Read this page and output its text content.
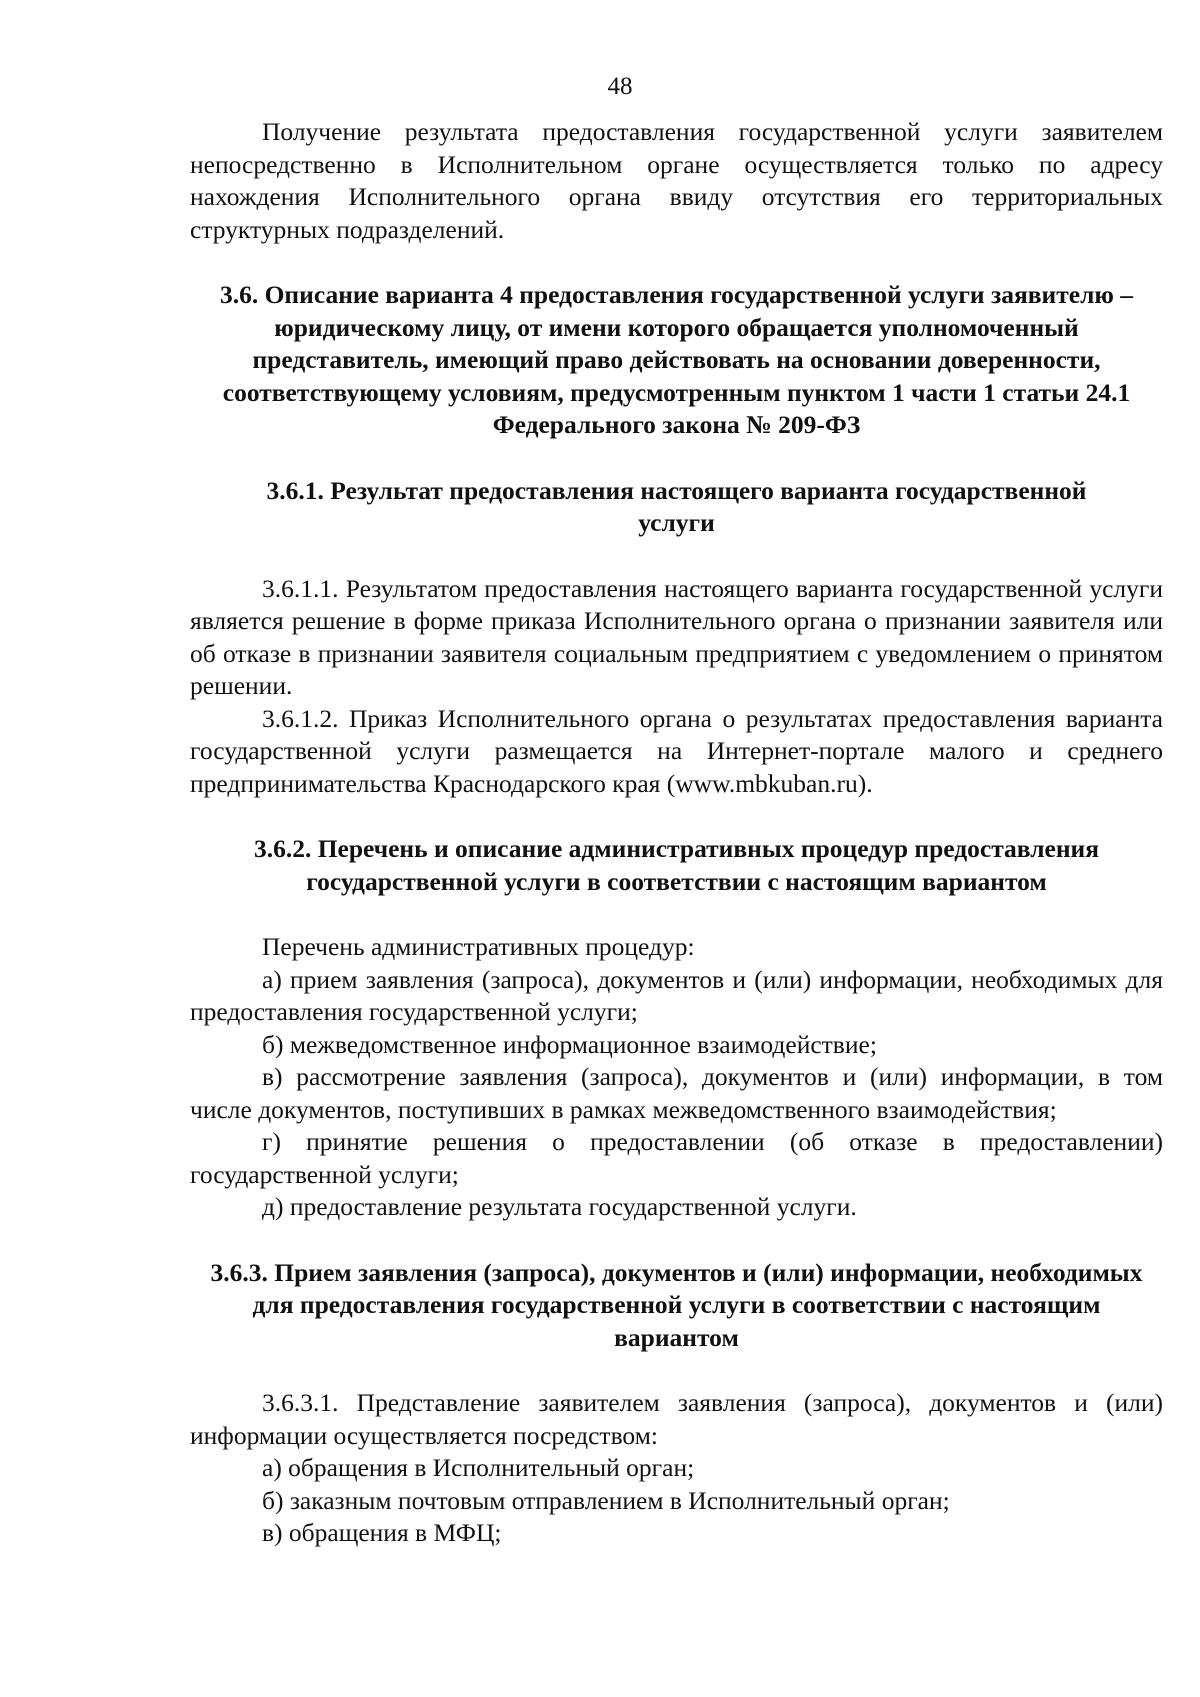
48

Получение результата предоставления государственной услуги заявителем непосредственно в Исполнительном органе осуществляется только по адресу нахождения Исполнительного органа ввиду отсутствия его территориальных структурных подразделений.

3.6. Описание варианта 4 предоставления государственной услуги заявителю – юридическому лицу, от имени которого обращается уполномоченный представитель, имеющий право действовать на основании доверенности, соответствующему условиям, предусмотренным пунктом 1 части 1 статьи 24.1 Федерального закона № 209-ФЗ
3.6.1. Результат предоставления настоящего варианта государственной услуги

3.6.1.1. Результатом предоставления настоящего варианта государственной услуги является решение в форме приказа Исполнительного органа о признании заявителя или об отказе в признании заявителя социальным предприятием с уведомлением о принятом решении.

3.6.1.2. Приказ Исполнительного органа о результатах предоставления варианта государственной услуги размещается на Интернет-портале малого и среднего предпринимательства Краснодарского края (www.mbkuban.ru).

3.6.2. Перечень и описание административных процедур предоставления государственной услуги в соответствии с настоящим вариантом

Перечень административных процедур:

а) прием заявления (запроса), документов и (или) информации, необходимых для предоставления государственной услуги;

б) межведомственное информационное взаимодействие;

в) рассмотрение заявления (запроса), документов и (или) информации, в том числе документов, поступивших в рамках межведомственного взаимодействия;

г) принятие решения о предоставлении (об отказе в предоставлении) государственной услуги;

д) предоставление результата государственной услуги.

3.6.3. Прием заявления (запроса), документов и (или) информации, необходимых для предоставления государственной услуги в соответствии с настоящим вариантом

3.6.3.1. Представление заявителем заявления (запроса), документов и (или) информации осуществляется посредством:

а) обращения в Исполнительный орган;

б) заказным почтовым отправлением в Исполнительный орган;

в) обращения в МФЦ;
